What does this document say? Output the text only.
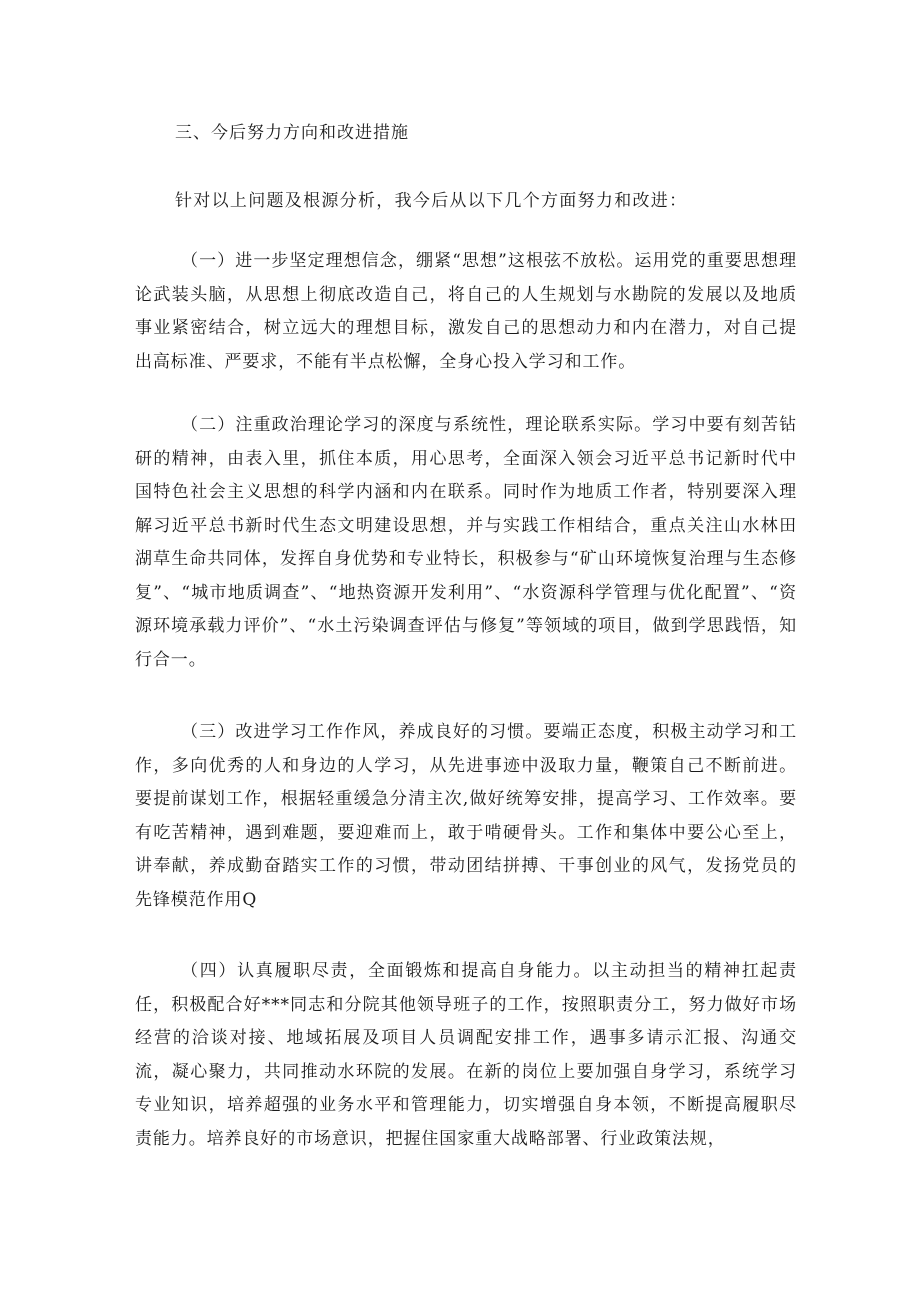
三、今后努力方向和改进措施

针对以上问题及根源分析，我今后从以下几个方面努力和改进：

（一）进一步坚定理想信念，绷紧“思想”这根弦不放松。运用党的重要思想理论武装头脑，从思想上彻底改造自己，将自己的人生规划与水勘院的发展以及地质事业紧密结合，树立远大的理想目标，激发自己的思想动力和内在潜力，对自己提出高标准、严要求，不能有半点松懈，全身心投入学习和工作。

（二）注重政治理论学习的深度与系统性，理论联系实际。学习中要有刻苦钻研的精神，由表入里，抓住本质，用心思考，全面深入领会习近平总书记新时代中国特色社会主义思想的科学内涵和内在联系。同时作为地质工作者，特别要深入理解习近平总书新时代生态文明建设思想，并与实践工作相结合，重点关注山水林田湖草生命共同体，发挥自身优势和专业特长，积极参与“矿山环境恢复治理与生态修复”、“城市地质调查”、“地热资源开发利用”、“水资源科学管理与优化配置”、“资源环境承载力评价”、“水土污染调查评估与修复”等领域的项目，做到学思践悟，知行合一。

（三）改进学习工作作风，养成良好的习惯。要端正态度，积极主动学习和工作，多向优秀的人和身边的人学习，从先进事迹中汲取力量，鞭策自己不断前进。要提前谋划工作，根据轻重缓急分清主次,做好统筹安排，提高学习、工作效率。要有吃苦精神，遇到难题，要迎难而上，敢于啃硬骨头。工作和集体中要公心至上，讲奉献，养成勤奋踏实工作的习惯，带动团结拼搏、干事创业的风气，发扬党员的先锋模范作用Q

（四）认真履职尽责，全面锻炼和提高自身能力。以主动担当的精神扛起责任，积极配合好***同志和分院其他领导班子的工作，按照职责分工，努力做好市场经营的洽谈对接、地域拓展及项目人员调配安排工作，遇事多请示汇报、沟通交流，凝心聚力，共同推动水环院的发展。在新的岗位上要加强自身学习，系统学习专业知识，培养超强的业务水平和管理能力，切实增强自身本领，不断提高履职尽责能力。培养良好的市场意识，把握住国家重大战略部署、行业政策法规，
